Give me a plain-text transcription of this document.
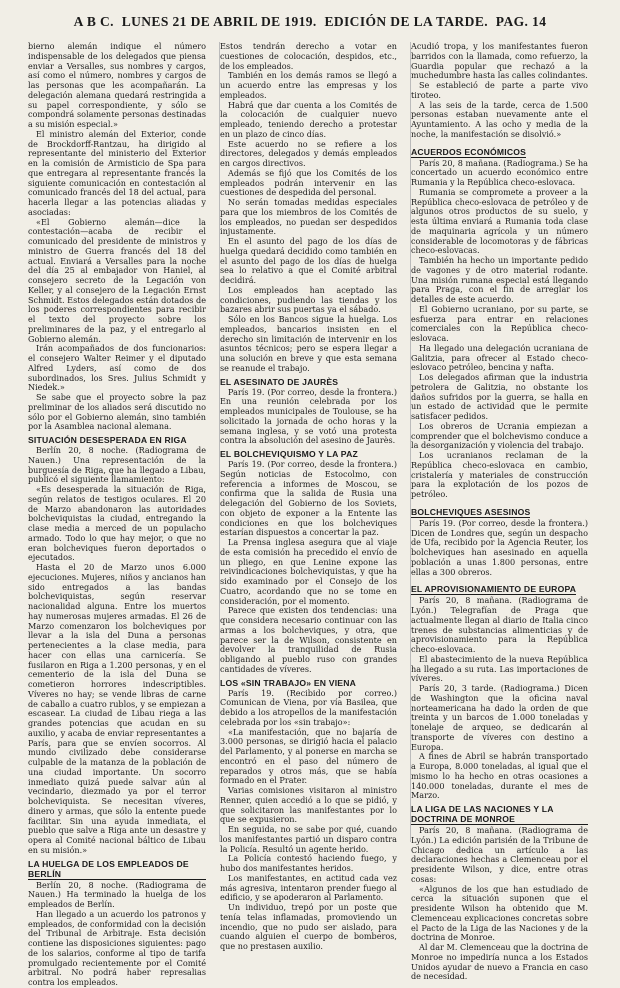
A B C. LUNES 21 DE ABRIL DE 1919. EDICIÓN DE LA TARDE. PAG. 14

bierno alemán indique el número indispensable de los delegados que piensa enviar a Versalles, sus nombres y cargos, así como el número, nombres y cargos de las personas que les acompañarán. La delegación alemana quedará restringida a su papel correspondiente, y sólo se compondrá solamente personas destinadas a su misión especial.»

El ministro alemán del Exterior, conde de Brockdorff-Rantzau, ha dirigido al representante del ministerio del Exterior en la comisión de Armisticio de Spa para que entregara al representante francés la siguiente comunicación en contestación al comunicado francés del 18 del actual, para hacerla llegar a las potencias aliadas y asociadas:

«El Gobierno alemán—dice la contestación—acaba de recibir el comunicado del presidente de ministros y ministro de Guerra francés del 18 del actual. Enviará a Versalles para la noche del día 25 al embajador von Haniel, al consejero secreto de la Legación von Keller, y al consejero de la Legación Ernst Schmidt. Estos delegados están dotados de los poderes correspondientes para recibir el texto del proyecto sobre los preliminares de la paz, y el entregarlo al Gobierno alemán.

Irán acompañados de dos funcionarios: el consejero Walter Reimer y el diputado Alfred Lyders, así como de dos subordinados, los Sres. Julius Schmidt y Niedek.»

Se sabe que el proyecto sobre la paz preliminar de los aliados será discutido no sólo por el Gobierno alemán, sino también por la Asamblea nacional alemana.

SITUACIÓN DESESPERADA EN RIGA

Berlín 20, 8 noche. (Radiograma de Nauen.) Una representación de la burguesía de Riga, que ha llegado a Libau, publicó el siguiente llamamiento:

«Es desesperada la situación de Riga, según relatos de testigos oculares. El 20 de Marzo abandonaron las autoridades bolcheviquistas la ciudad, entregando la clase media a merced de un populacho armado. Todo lo que hay mejor, o que no eran bolcheviques fueron deportados o ejecutados.

Hasta el 20 de Marzo unos 6.000 ejecuciones. Mujeres, niños y ancianos han sido entregados a las bandas bolcheviquistas, según reservar nacionalidad alguna. Entre los muertos hay numerosas mujeres armadas. El 26 de Marzo comenzaron los bolcheviques por llevar a la isla del Duna a personas pertenecientes a la clase media, para hacer con ellas una carnicería. Se fusilaron en Riga a 1.200 personas, y en el cementerio de la isla del Duna se cometieron horrores indescriptibles. Víveres no hay; se vende libras de carne de caballo a cuatro rublos, y se empiezan a escasear. La ciudad de Libau riega a las grandes potencias que acudan en su auxilio, y acaba de enviar representantes a París, para que se envíen socorros. Al mundo civilizado debe considerarse culpable de la matanza de la población de una ciudad importante. Un socorro inmediato quizá puede salvar aún al vecindario, diezmado ya por el terror bolcheviquista. Se necesitan víveres, dinero y armas, que sólo la entente puede facilitar. Sin una ayuda inmediata, el pueblo que salve a Riga ante un desastre y opera al Comité nacional báltico de Libau en su misión.»

LA HUELGA DE LOS EMPLEADOS DE BERLÍN

Berlín 20, 8 noche. (Radiograma de Nauen.) Ha terminado la huelga de los empleados de Berlín.

Han llegado a un acuerdo los patronos y empleados, de conformidad con la decisión del Tribunal de Arbitraje. Esta decisión contiene las disposiciones siguientes: pago de los salarios, conforme al tipo de tarifa promulgado recientemente por el Comité arbitral. No podrá haber represalias contra los empleados.

Estos tendrán derecho a votar en cuestiones de colocación, despidos, etc., de los empleados.

También en los demás ramos se llegó a un acuerdo entre las empresas y los empleados.

Habrá que dar cuenta a los Comités de la colocación de cualquier nuevo empleado, teniendo derecho a protestar en un plazo de cinco días.

Este acuerdo no se refiere a los directores, delegados y demás empleados en cargos directivos.

Además se fijó que los Comités de los empleados podrán intervenir en las cuestiones de despedida del personal.

No serán tomadas medidas especiales para que los miembros de los Comités de los empleados, no puedan ser despedidos injustamente.

En el asunto del pago de los días de huelga quedará decidido como también en el asunto del pago de los días de huelga sea lo relativo a que el Comité arbitral decidirá.

Los empleados han aceptado las condiciones, pudiendo las tiendas y los bazares abrir sus puertas ya el sábado.

Sólo en los Bancos sigue la huelga. Los empleados, bancarios insisten en el derecho sin limitación de intervenir en los asuntos técnicos; pero se espera llegar a una solución en breve y que esta semana se reanude el trabajo.

EL ASESINATO DE JAURÈS

París 19. (Por correo, desde la frontera.) En una reunión celebrada por los empleados municipales de Toulouse, se ha solicitado la jornada de ocho horas y la semana inglesa, y se votó una protesta contra la absolución del asesino de Jaurès.

EL BOLCHEVIQUISMO Y LA PAZ

París 19. (Por correo, desde la frontera.) Según noticias de Estocolmo, con referencia a informes de Moscou, se confirma que la salida de Rusia una delegación del Gobierno de los Soviets, con objeto de exponer a la Entente las condiciones en que los bolcheviques estarían dispuestos a concertar la paz.

La Prensa inglesa asegura que al viaje de esta comisión ha precedido el envío de un pliego, en que Lenine expone las reivindicaciones bolcheviquistas, y que ha sido examinado por el Consejo de los Cuatro, acordando que no se tome en consideración, por el momento.

Parece que existen dos tendencias: una que considera necesario continuar con las armas a los bolcheviques, y otra, que parece ser la de Wilson, consistente en devolver la tranquilidad de Rusia obligando al pueblo ruso con grandes cantidades de víveres.

LOS «SIN TRABAJO» EN VIENA

París 19. (Recibido por correo.) Comunican de Viena, por vía Basilea, que debido a los atropellos de la manifestación celebrada por los «sin trabajo»:

«La manifestación, que no bajaría de 3.000 personas, se dirigió hacia el palacio del Parlamento, y al ponerse en marcha se encontró en el paso del número de reparados y otros más, que se había formado en el Prater.

Varias comisiones visitaron al ministro Renner, quien accedió a lo que se pidió, y que solicitaron las manifestantes por lo que se expusieron.

En seguida, no se sabe por qué, cuando los manifestantes partió un disparo contra la Policía. Resultó un agente herido.

La Policía contestó haciendo fuego, y hubo dos manifestantes heridos.

Los manifestantes, en actitud cada vez más agresiva, intentaron prender fuego al edificio, y se apoderaron al Parlamento.

Un individuo, trepó por un poste que tenía telas inflamadas, promoviendo un incendio, que no pudo ser aislado, para cuando alguien el cuerpo de bomberos, que no prestasen auxilio.

Acudió tropa, y los manifestantes fueron barridos con la llamada, como refuerzo, la Guardia popular que rechazó a la muchedumbre hasta las calles colindantes.

Se estableció de parte a parte vivo tiroteo.

A las seis de la tarde, cerca de 1.500 personas estaban nuevamente ante el Ayuntamiento. A las ocho y media de la noche, la manifestación se disolvió.»

ACUERDOS ECONÓMICOS

París 20, 8 mañana. (Radiograma.) Se ha concertado un acuerdo económico entre Rumania y la República checo-eslovaca.

Rumania se compromete a proveer a la República checo-eslovaca de petróleo y de algunos otros productos de su suelo, y esta última enviará a Rumania toda clase de maquinaria agrícola y un número considerable de locomotoras y de fábricas checo-eslovacas.

También ha hecho un importante pedido de vagones y de otro material rodante. Una misión rumana especial está llegando para Praga, con el fin de arreglar los detalles de este acuerdo.

El Gobierno ucraniano, por su parte, se esfuerza para entrar en relaciones comerciales con la República checo-eslovaca.

Ha llegado una delegación ucraniana de Galitzia, para ofrecer al Estado checo-eslovaco petróleo, bencina y nafta.

Los delegados afirman que la industria petrolera de Galitzia, no obstante los daños sufridos por la guerra, se halla en un estado de actividad que le permite satisfacer pedidos.

Los obreros de Ucrania empiezan a comprender que el bolchevismo conduce a la desorganización y violencia del trabajo.

Los ucranianos reclaman de la República checo-eslovaca en cambio, cristalería y materiales de construcción para la explotación de los pozos de petróleo.

BOLCHEVIQUES ASESINOS

París 19. (Por correo, desde la frontera.) Dicen de Londres que, según un despacho de Ufa, recibido por la Agencia Reuter, los bolcheviques han asesinado en aquella población a unas 1.800 personas, entre ellas a 300 obreros.

EL APROVISIONAMIENTO DE EUROPA

París 20, 8 mañana. (Radiograma de Lyón.) Telegrafían de Praga que actualmente llegan al diario de Italia cinco trenes de substancias alimenticias y de aprovisionamiento para la República checo-eslovaca.

El abastecimiento de la nueva República ha llegado a su ruta. Las importaciones de víveres.

París 20, 3 tarde. (Radiograma.) Dicen de Washington que la oficina naval norteamericana ha dado la orden de que treinta y un barcos de 1.000 toneladas y tonelaje de arqueo, se dedicarán al transporte de víveres con destino a Europa.

A fines de Abril se habrán transportado a Europa, 8.000 toneladas, al igual que el mismo lo ha hecho en otras ocasiones a 140.000 toneladas, durante el mes de Marzo.

LA LIGA DE LAS NACIONES Y LA DOCTRINA DE MONROE

París 20, 8 mañana. (Radiograma de Lyón.) La edición parisién de la Tribune de Chicago dedica un artículo a las declaraciones hechas a Clemenceau por el presidente Wilson, y dice, entre otras cosas:

«Algunos de los que han estudiado de cerca la situación suponen que el presidente Wilson ha obtenido que M. Clemenceau explicaciones concretas sobre el Pacto de la Liga de las Naciones y de la doctrina de Monroe.

Al dar M. Clemenceau que la doctrina de Monroe no impediría nunca a los Estados Unidos ayudar de nuevo a Francia en caso de necesidad.
